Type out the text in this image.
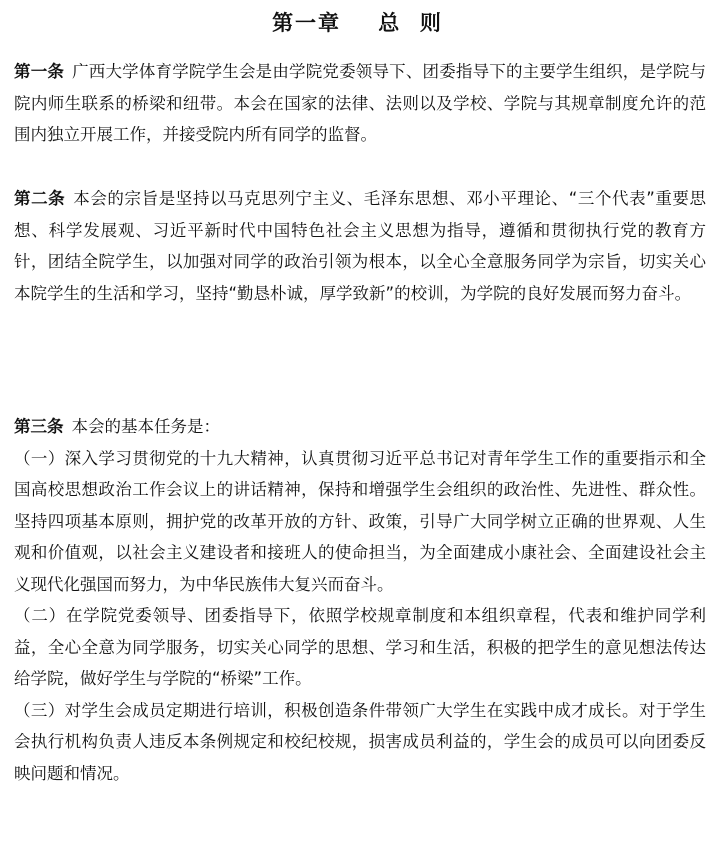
第一章    总  则
第一条 广西大学体育学院学生会是由学院党委领导下、团委指导下的主要学生组织，是学院与院内师生联系的桥梁和纽带。本会在国家的法律、法则以及学校、学院与其规章制度允许的范围内独立开展工作，并接受院内所有同学的监督。
第二条 本会的宗旨是坚持以马克思列宁主义、毛泽东思想、邓小平理论、“三个代表”重要思想、科学发展观、习近平新时代中国特色社会主义思想为指导，遵循和贯彻执行党的教育方针，团结全院学生，以加强对同学的政治引领为根本，以全心全意服务同学为宗旨，切实关心本院学生的生活和学习，坚持“勤恳朴诚，厚学致新”的校训，为学院的良好发展而努力奋斗。
第三条 本会的基本任务是：
（一）深入学习贯彻党的十九大精神，认真贯彻习近平总书记对青年学生工作的重要指示和全国高校思想政治工作会议上的讲话精神，保持和增强学生会组织的政治性、先进性、群众性。坚持四项基本原则，拥护党的改革开放的方针、政策，引导广大同学树立正确的世界观、人生观和价值观，以社会主义建设者和接班人的使命担当，为全面建成小康社会、全面建设社会主义现代化强国而努力，为中华民族伟大复兴而奋斗。
（二）在学院党委领导、团委指导下，依照学校规章制度和本组织章程，代表和维护同学利益，全心全意为同学服务，切实关心同学的思想、学习和生活，积极的把学生的意见想法传达给学院，做好学生与学院的“桥梁”工作。
（三）对学生会成员定期进行培训，积极创造条件带领广大学生在实践中成才成长。对于学生会执行机构负责人违反本条例规定和校纪校规，损害成员利益的，学生会的成员可以向团委反映问题和情况。
